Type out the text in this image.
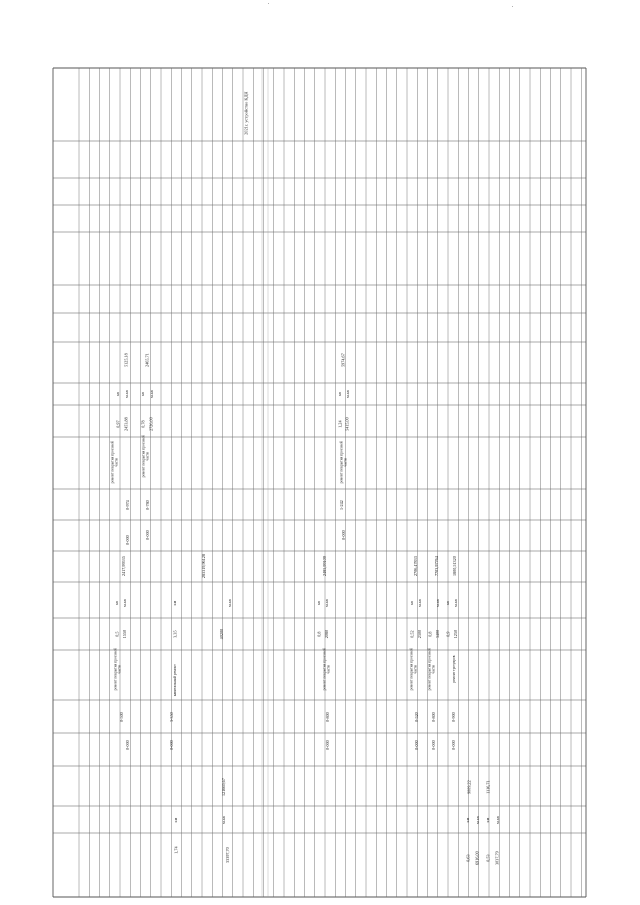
0-000
0-974
ремонт покрытия проезжей части
0,97 2453,88
кв м.кв
5125,18
0-000
0-780
ремонт покрытия проезжей части
0,78 2726,00
кв м.кв
2465,71
0-000
1-242
ремонт покрытия проезжей части
1,24 5415,00
кв м.кв
5974,67
0-000
0-500
ремонт покрытия проезжей части
0,5 1550
кв м.кв
2417,99535
0-000
3-350
капитальный ремонт
3,35
км
40200
м.кв
283319,96128
0-000
0-800
ремонт покрытия проезжей части
0,8 2080
кв м.кв
2485,99109
0-000
0-520
ремонт покрытия проезжей части
0,52 2300
кв м.кв
2706,47833
0-000
0-800
ремонт покрытия проезжей части
0,8 3400
м.кв
7703,97764
0-000
0-900
ремонт тротуаров
0,9 1250
кв м.кв
1800,51320
1,74
км	м.кв
33397,70
121669,67
0,63
км
9009,22
6916,00
м.кв
0,53
км
1116,71
3037,79
м.кв
2021г. устройство КДН
